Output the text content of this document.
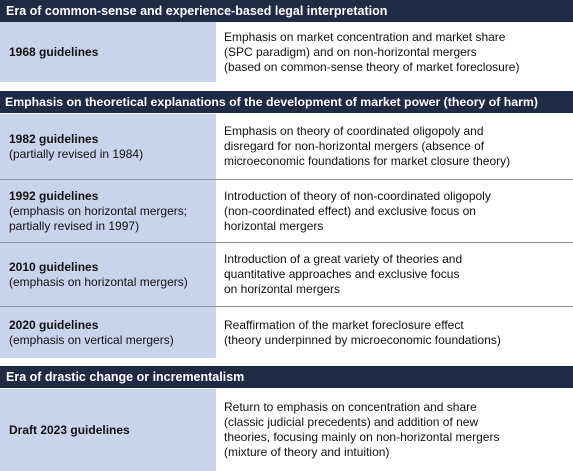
Era of common-sense and experience-based legal interpretation
1968 guidelines
Emphasis on market concentration and market share
(SPC paradigm) and on non-horizontal mergers
(based on common-sense theory of market foreclosure)
Emphasis on theoretical explanations of the development of market power (theory of harm)
1982 guidelines
(partially revised in 1984)
Emphasis on theory of coordinated oligopoly and
disregard for non-horizontal mergers (absence of
microeconomic foundations for market closure theory)
1992 guidelines
(emphasis on horizontal mergers;
partially revised in 1997)
Introduction of theory of non-coordinated oligopoly
(non-coordinated effect) and exclusive focus on
horizontal mergers
2010 guidelines
(emphasis on horizontal mergers)
Introduction of a great variety of theories and
quantitative approaches and exclusive focus
on horizontal mergers
2020 guidelines
(emphasis on vertical mergers)
Reaffirmation of the market foreclosure effect
(theory underpinned by microeconomic foundations)
Era of drastic change or incrementalism
Draft 2023 guidelines
Return to emphasis on concentration and share
(classic judicial precedents) and addition of new
theories, focusing mainly on non-horizontal mergers
(mixture of theory and intuition)
